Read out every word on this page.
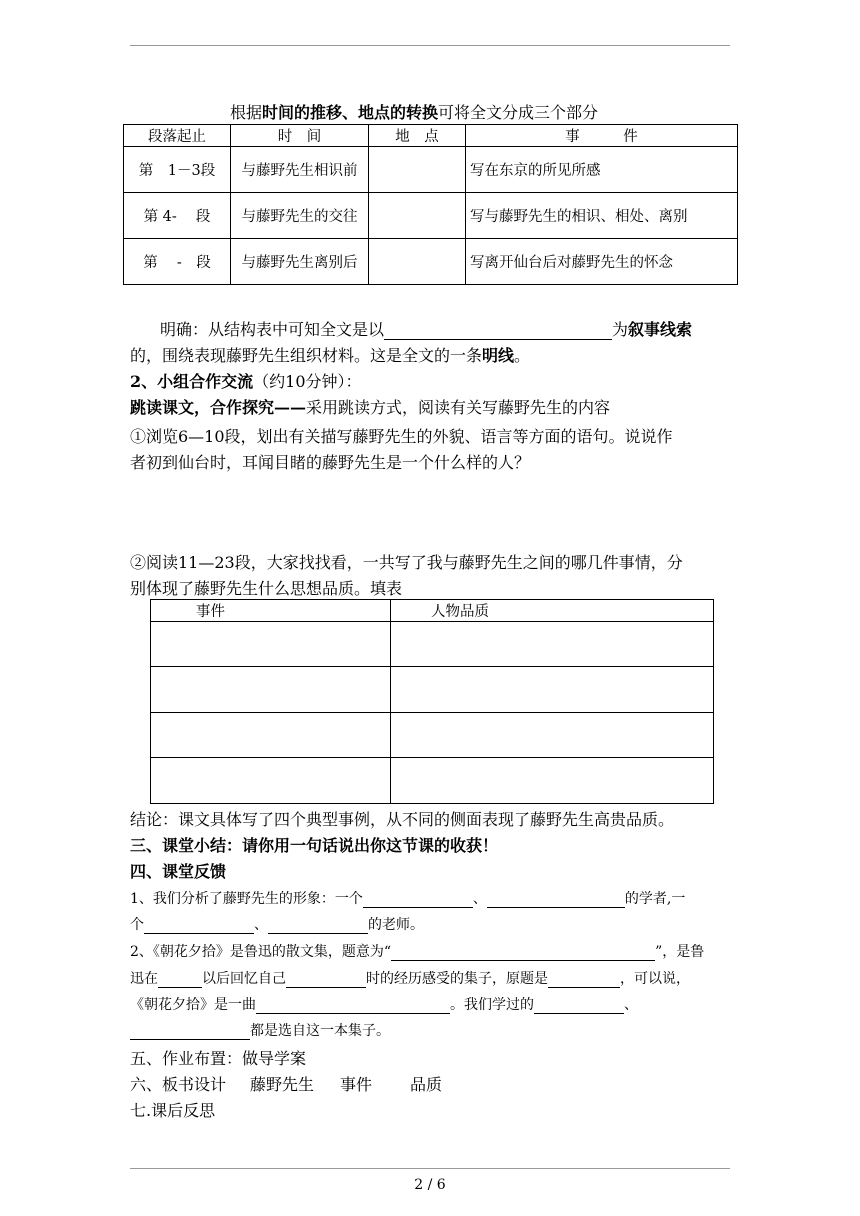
根据时间的推移、地点的转换可将全文分成三个部分
段落起止	时　间	地　点	事　　　件
第　1－3段	与藤野先生相识前		写在东京的所见所感
第 4-　 段	与藤野先生的交往		写与藤野先生的相识、相处、离别
第　 -　段	与藤野先生离别后		写离开仙台后对藤野先生的怀念
明确：从结构表中可知全文是以	为叙事线索
的，围绕表现藤野先生组织材料。这是全文的一条明线。
2、小组合作交流（约10分钟）：
跳读课文，合作探究——采用跳读方式，阅读有关写藤野先生的内容
①浏览6—10段，划出有关描写藤野先生的外貌、语言等方面的语句。说说作
者初到仙台时，耳闻目睹的藤野先生是一个什么样的人？
②阅读11—23段，大家找找看，一共写了我与藤野先生之间的哪几件事情，分
别体现了藤野先生什么思想品质。填表
事件	人物品质

结论：课文具体写了四个典型事例，从不同的侧面表现了藤野先生高贵品质。
三、课堂小结：请你用一句话说出你这节课的收获！
四、课堂反馈
1、我们分析了藤野先生的形象：一个	、	的学者,一
个	、	的老师。
2、《朝花夕拾》是鲁迅的散文集，题意为“	”，是鲁
迅在	以后回忆自己	时的经历感受的集子，原题是	，可以说，
《朝花夕拾》是一曲	。我们学过的	、
都是选自这一本集子。
五、作业布置：做导学案
六、板书设计 藤野先生 事件 品质
七.课后反思
2 / 6
